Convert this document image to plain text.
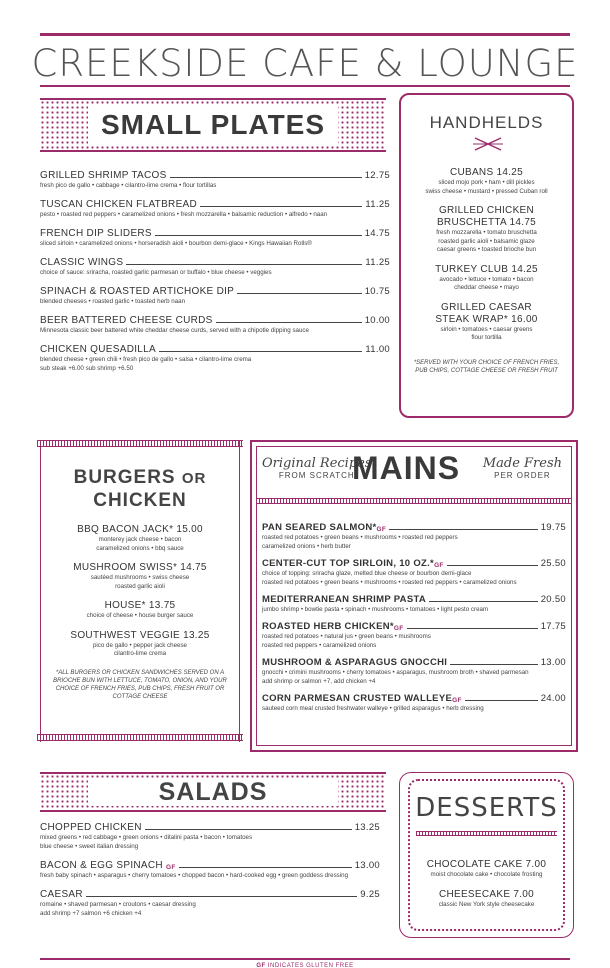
CREEKSIDE CAFE & LOUNGE
SMALL PLATES
GRILLED SHRIMP TACOS	12.75
fresh pico de gallo • cabbage • cilantro-lime crema • flour tortillas
TUSCAN CHICKEN FLATBREAD	11.25
pesto • roasted red peppers • caramelized onions • fresh mozzarella • balsamic reduction • alfredo • naan
FRENCH DIP SLIDERS	14.75
sliced sirloin • caramelized onions • horseradish aioli • bourbon demi-glace • Kings Hawaiian Rolls®
CLASSIC WINGS	11.25
choice of sauce: sriracha, roasted garlic parmesan or buffalo • blue cheese • veggies
SPINACH & ROASTED ARTICHOKE DIP	10.75
blended cheeses • roasted garlic • toasted herb naan
BEER BATTERED CHEESE CURDS	10.00
Minnesota classic beer battered white cheddar cheese curds, served with a chipotle dipping sauce
CHICKEN QUESADILLA	11.00
blended cheese • green chili • fresh pico de gallo • salsa • cilantro-lime crema
sub steak +6.00 sub shrimp +6.50
HANDHELDS
CUBANS 14.25
sliced mojo pork • ham • dill pickles
swiss cheese • mustard • pressed Cuban roll
GRILLED CHICKEN
BRUSCHETTA 14.75
fresh mozzarella • tomato bruschetta
roasted garlic aioli • balsamic glaze
caesar greens • toasted brioche bun
TURKEY CLUB 14.25
avocado • lettuce • tomato • bacon
cheddar cheese • mayo
GRILLED CAESAR
STEAK WRAP* 16.00
sirloin • tomatoes • caesar greens
flour tortilla
*SERVED WITH YOUR CHOICE OF FRENCH FRIES, PUB CHIPS, COTTAGE CHEESE OR FRESH FRUIT
BURGERS OR
CHICKEN
BBQ BACON JACK* 15.00
monterey jack cheese • bacon
caramelized onions • bbq sauce
MUSHROOM SWISS* 14.75
sautéed mushrooms • swiss cheese
roasted garlic aioli
HOUSE* 13.75
choice of cheese • house burger sauce
SOUTHWEST VEGGIE 13.25
pico de gallo • pepper jack cheese
cilantro-lime crema
*ALL BURGERS OR CHICKEN SANDWICHES SERVED ON A BRIOCHE BUN WITH LETTUCE, TOMATO, ONION, AND YOUR CHOICE OF FRENCH FRIES, PUB CHIPS, FRESH FRUIT OR COTTAGE CHEESE
Original Recipes
FROM SCRATCH
MAINS Made Fresh
PER ORDER
PAN SEARED SALMON* GF	19.75
roasted red potatoes • green beans • mushrooms • roasted red peppers
caramelized onions • herb butter
CENTER-CUT TOP SIRLOIN, 10 OZ.* GF	25.50
choice of topping: sriracha glaze, melted blue cheese or bourbon demi-glace
roasted red potatoes • green beans • mushrooms • roasted red peppers • caramelized onions
MEDITERRANEAN SHRIMP PASTA	20.50
jumbo shrimp • bowtie pasta • spinach • mushrooms • tomatoes • light pesto cream
ROASTED HERB CHICKEN* GF	17.75
roasted red potatoes • natural jus • green beans • mushrooms
roasted red peppers • caramelized onions
MUSHROOM & ASPARAGUS GNOCCHI	13.00
gnocchi • crimini mushrooms • cherry tomatoes • asparagus, mushroom broth • shaved parmesan
add shrimp or salmon +7, add chicken +4
CORN PARMESAN CRUSTED WALLEYE GF	24.00
sauteed corn meal crusted freshwater walleye • grilled asparagus • herb dressing
SALADS
CHOPPED CHICKEN	13.25
mixed greens • red cabbage • green onions • ditalini pasta • bacon • tomatoes
blue cheese • sweet italian dressing
BACON & EGG SPINACH
GF	13.00
fresh baby spinach • asparagus • cherry tomatoes • chopped bacon • hard-cooked egg • green goddess dressing
CAESAR	9.25
romaine • shaved parmesan • croutons • caesar dressing
add shrimp +7 salmon +6 chicken +4
DESSERTS
CHOCOLATE CAKE 7.00
moist chocolate cake • chocolate frosting
CHEESECAKE 7.00
classic New York style cheesecake
GF INDICATES GLUTEN FREE
